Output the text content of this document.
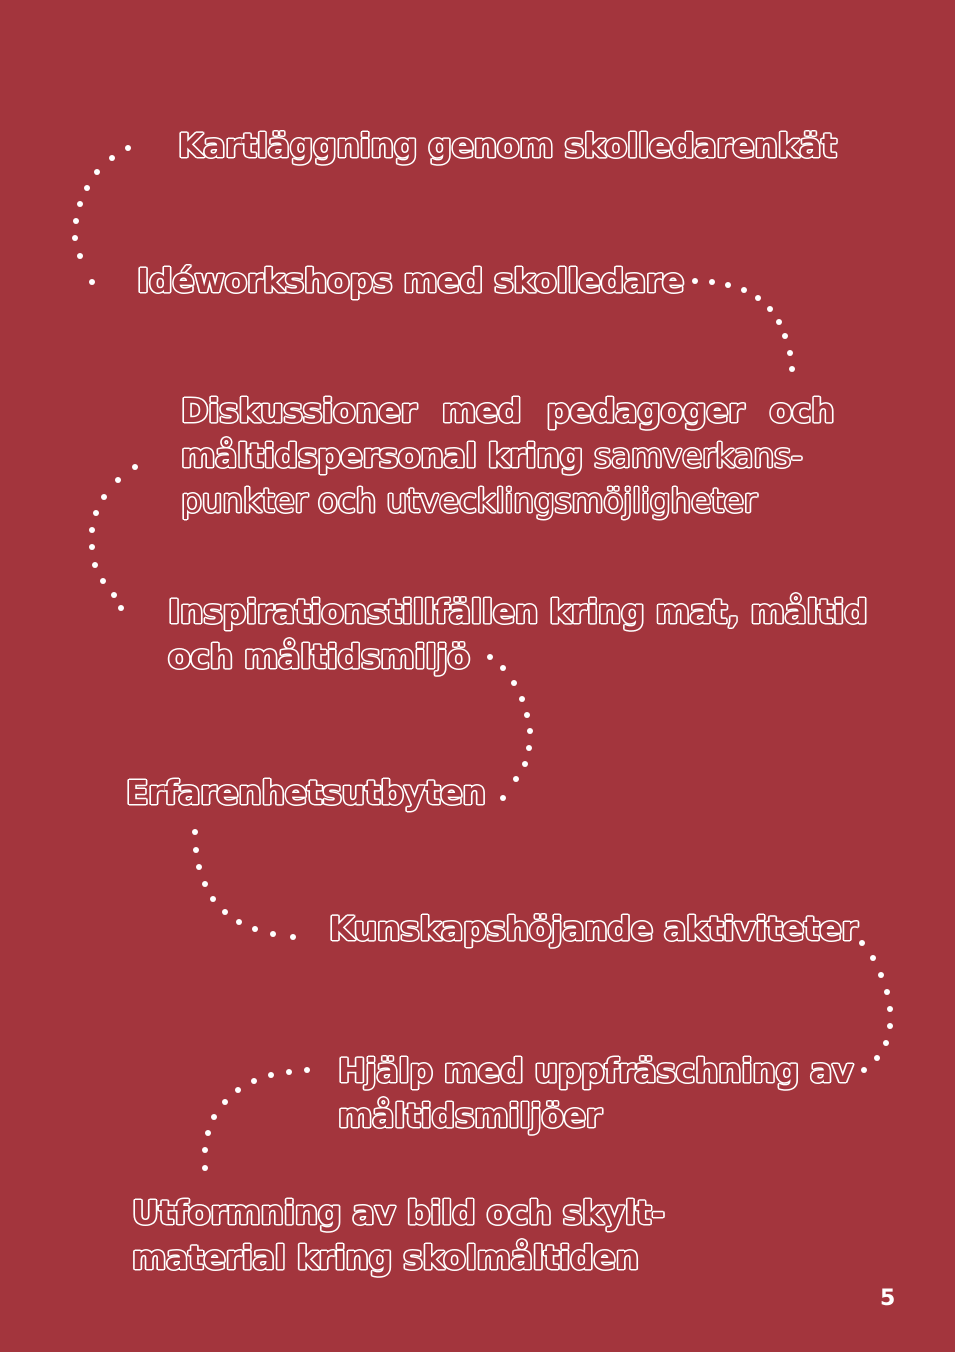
Kartläggning genom skolledarenkät

Idéworkshops med skolledare

Diskussioner med pedagoger och
måltidspersonal kring samverkans-
punkter och utvecklingsmöjligheter
Inspirationstillfällen kring mat, måltid
och måltidsmiljö

Erfarenhetsutbyten

Kunskapshöjande aktiviteter

Hjälp med uppfräschning av
måltidsmiljöer
Utformning av bild och skylt-
material kring skolmåltiden

5
